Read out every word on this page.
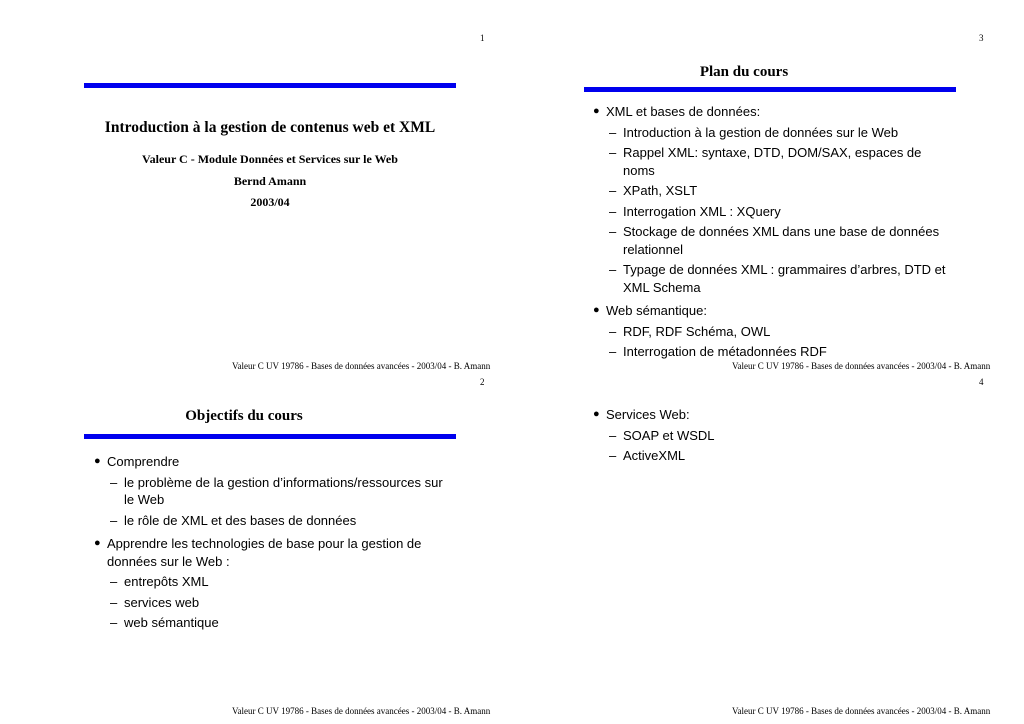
1
Introduction à la gestion de contenus web et XML
Valeur C - Module Données et Services sur le Web
Bernd Amann
2003/04
Valeur C UV 19786 - Bases de données avancées - 2003/04 - B. Amann
3
Plan du cours
● XML et bases de données:
– Introduction à la gestion de données sur le Web
– Rappel XML: syntaxe, DTD, DOM/SAX, espaces de noms
– XPath, XSLT
– Interrogation XML : XQuery
– Stockage de données XML dans une base de données relationnel
– Typage de données XML : grammaires d’arbres, DTD et XML Schema
● Web sémantique:
– RDF, RDF Schéma, OWL
– Interrogation de métadonnées RDF
Valeur C UV 19786 - Bases de données avancées - 2003/04 - B. Amann
2
Objectifs du cours
● Comprendre
– le problème de la gestion d’informations/ressources sur le Web
– le rôle de XML et des bases de données
● Apprendre les technologies de base pour la gestion de données sur le Web :
– entrepôts XML
– services web
– web sémantique
Valeur C UV 19786 - Bases de données avancées - 2003/04 - B. Amann
4
● Services Web:
– SOAP et WSDL
– ActiveXML
Valeur C UV 19786 - Bases de données avancées - 2003/04 - B. Amann
